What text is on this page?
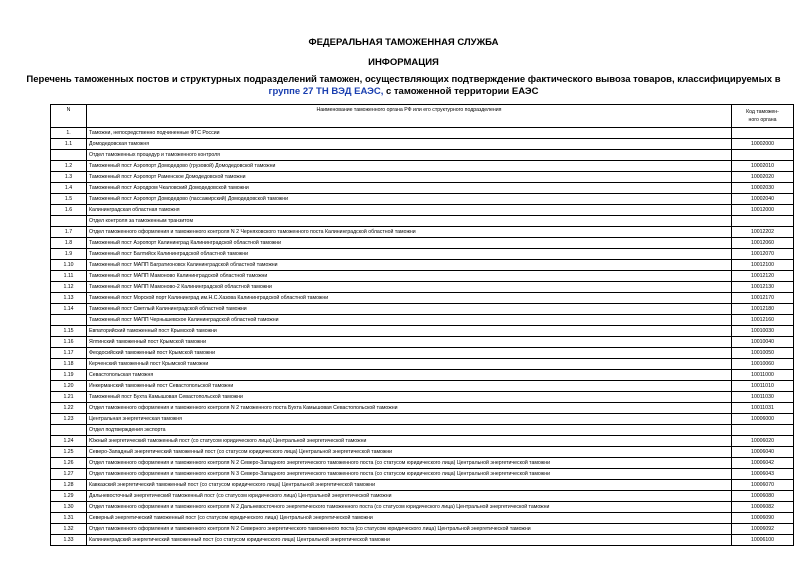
ФЕДЕРАЛЬНАЯ ТАМОЖЕННАЯ СЛУЖБА
ИНФОРМАЦИЯ
Перечень таможенных постов и структурных подразделений таможен, осуществляющих подтверждение фактического вывоза товаров, классифицируемых в
группе 27 ТН ВЭД ЕАЭС, с таможенной территории ЕАЭС
N	Наименование таможенного органа РФ или его структурного подразделения	Код таможен-
ного органа
1.	Таможни, непосредственно подчиненные ФТС России	
1.1	Домодедовская таможня	10002000
	Отдел таможенных процедур и таможенного контроля	
1.2	Таможенный пост Аэропорт Домодедово (грузовой) Домодедовской таможни	10002010
1.3	Таможенный пост Аэропорт Раменское Домодедовской таможни	10002020
1.4	Таможенный пост Аэродром Чкаловский Домодедовской таможни	10002030
1.5	Таможенный пост Аэропорт Домодедово (пассажирский) Домодедовской таможни	10002040
1.6	Калининградская областная таможня	10012000
	Отдел контроля за таможенным транзитом	
1.7	Отдел таможенного оформления и таможенного контроля N 2 Черняховского таможенного поста Калининградской областной таможни	10012202
1.8	Таможенный пост Аэропорт Калининград Калининградской областной таможни	10012060
1.9	Таможенный пост Балтийск Калининградской областной таможни	10012070
1.10	Таможенный пост МАПП Багратионовск Калининградской областной таможни	10012100
1.11	Таможенный пост МАПП Мамоново Калининградской областной таможни	10012120
1.12	Таможенный пост МАПП Мамоново-2 Калининградской областной таможни	10012130
1.13	Таможенный пост Морской порт Калининград им.Н.С.Хазова Калининградской областной таможни	10012170
1.14	Таможенный пост Светлый Калининградской областной таможни	10012180
	Таможенный пост МАПП Чернышевское Калининградской областной таможни	10012160
1.15	Евпаторийский таможенный пост Крымской таможни	10010030
1.16	Ялтинский таможенный пост Крымской таможни	10010040
1.17	Феодосийский таможенный пост Крымской таможни	10010050
1.18	Керченский таможенный пост Крымской таможни	10010060
1.19	Севастопольская таможня	10011000
1.20	Инкерманский таможенный пост Севастопольской таможни	10011010
1.21	Таможенный пост Бухта Камышовая Севастопольской таможни	10011030
1.22	Отдел таможенного оформления и таможенного контроля N 2 таможенного поста Бухта Камышовая Севастопольской таможни	10011031
1.23	Центральная энергетическая таможня	10006000
	Отдел подтверждения экспорта	
1.24	Южный энергетический таможенный пост (со статусом юридического лица) Центральной энергетической таможни	10006020
1.25	Северо-Западный энергетический таможенный пост (со статусом юридического лица) Центральной энергетической таможни	10006040
1.26	Отдел таможенного оформления и таможенного контроля N 2 Северо-Западного энергетического таможенного поста (со статусом юридического лица) Центральной энергетической таможни	10006042
1.27	Отдел таможенного оформления и таможенного контроля N 3 Северо-Западного энергетического таможенного поста (со статусом юридического лица) Центральной энергетической таможни	10006043
1.28	Кавказский энергетический таможенный пост (со статусом юридического лица) Центральной энергетической таможни	10006070
1.29	Дальневосточный энергетический таможенный пост (со статусом юридического лица) Центральной энергетической таможни	10006080
1.30	Отдел таможенного оформления и таможенного контроля N 2 Дальневосточного энергетического таможенного поста (со статусом юридического лица) Центральной энергетической таможни	10006082
1.31	Северный энергетический таможенный пост (со статусом юридического лица) Центральной энергетической таможни	10006090
1.32	Отдел таможенного оформления и таможенного контроля N 2 Северного энергетического таможенного поста (со статусом юридического лица) Центральной энергетической таможни	10006092
1.33	Калининградский энергетический таможенный пост (со статусом юридического лица) Центральной энергетической таможни	10006100
